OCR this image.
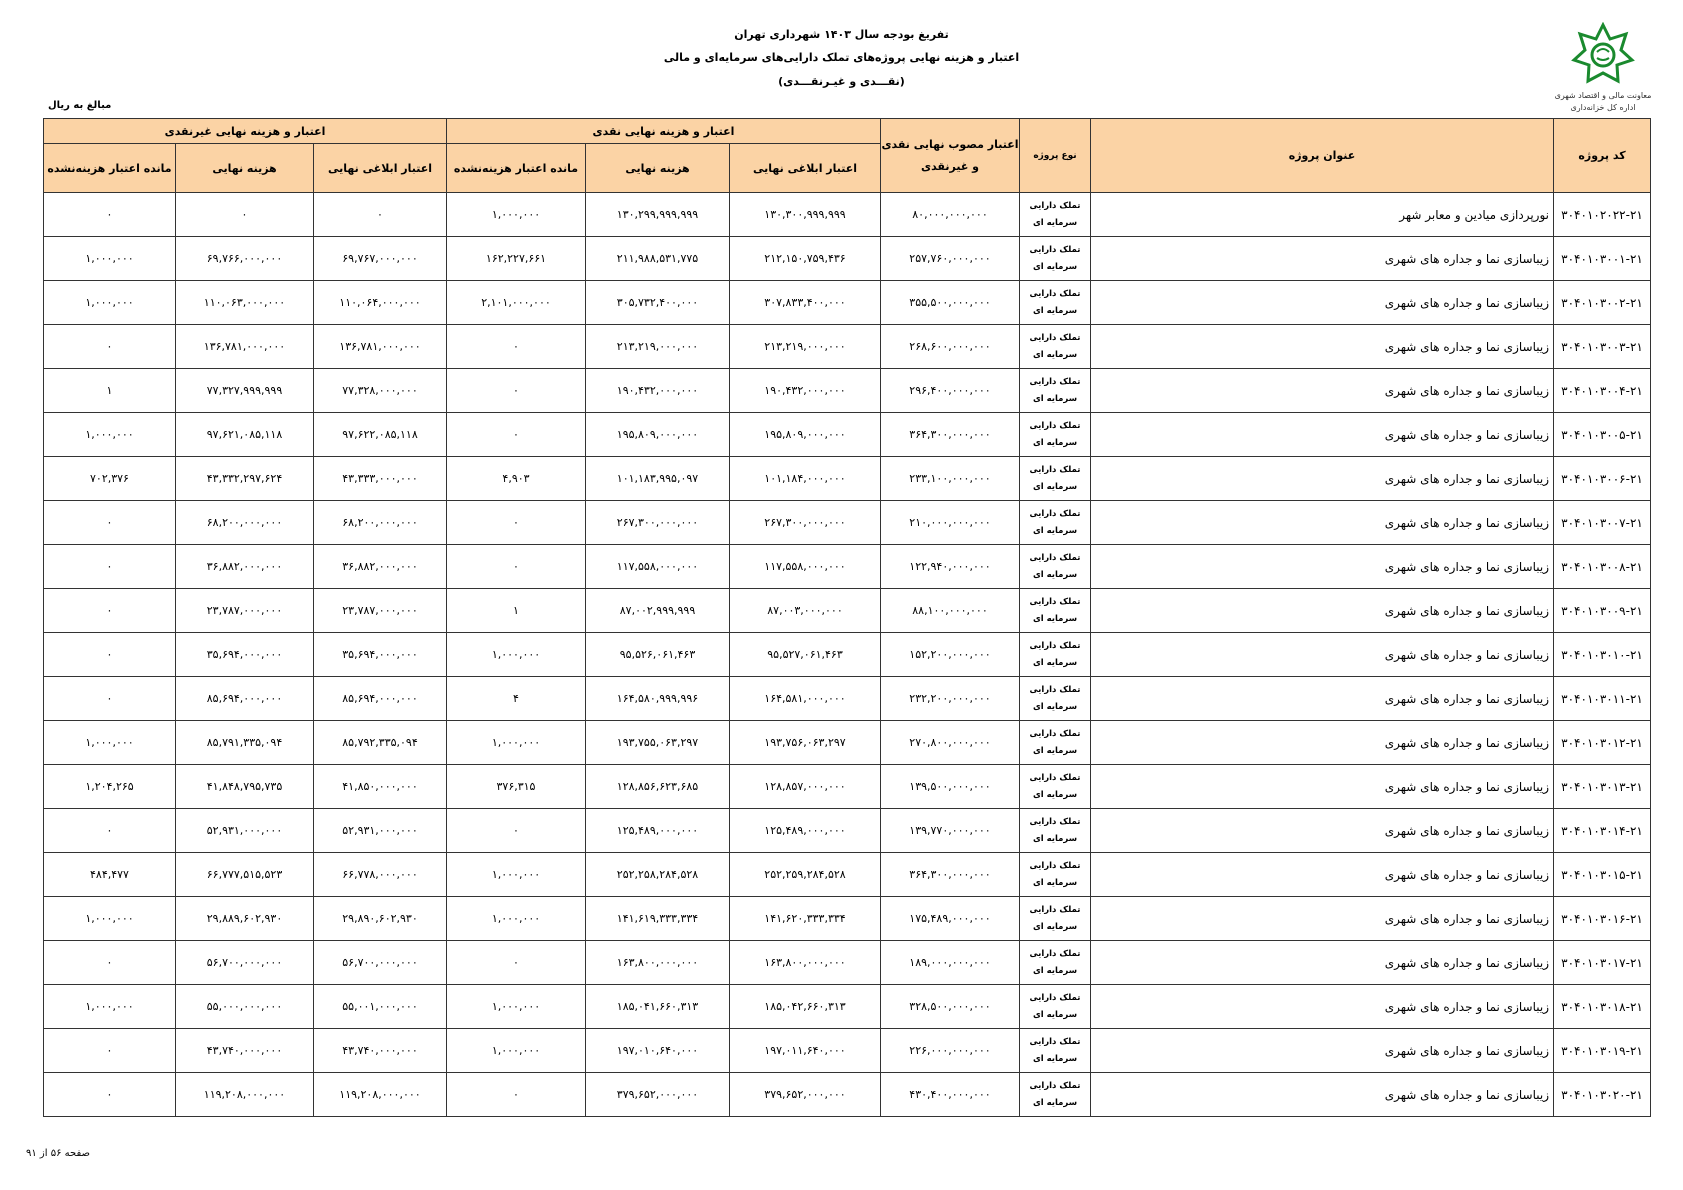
معاونت مالی و اقتصاد شهری
اداره کل خزانه‌داری
تفریغ بودجه سال ۱۴۰۳ شهرداری تهران
اعتبار و هزینه نهایی پروژه‌های تملک دارایی‌های سرمایه‌ای و مالی
(نقـــدی و غیـرنقـــدی)
مبالغ به ریال
کد پروژه	عنوان پروژه	نوع پروژه	اعتبار مصوب نهایی نقدی و غیرنقدی	اعتبار و هزینه نهایی نقدی			اعتبار و هزینه نهایی غیرنقدی		
				اعتبار ابلاغی نهایی	هزینه نهایی	مانده اعتبار هزینه‌نشده	اعتبار ابلاغی نهایی	هزینه نهایی	مانده اعتبار هزینه‌نشده
۳۰۴۰۱۰۲۰۲۲-۲۱	نورپردازی میادین و معابر شهر	تملک دارایی
سرمایه ای	۸۰,۰۰۰,۰۰۰,۰۰۰	۱۳۰,۳۰۰,۹۹۹,۹۹۹	۱۳۰,۲۹۹,۹۹۹,۹۹۹	۱,۰۰۰,۰۰۰	۰	۰	۰
۳۰۴۰۱۰۳۰۰۱-۲۱	زیباسازی نما و جداره های شهری	تملک دارایی
سرمایه ای	۲۵۷,۷۶۰,۰۰۰,۰۰۰	۲۱۲,۱۵۰,۷۵۹,۴۳۶	۲۱۱,۹۸۸,۵۳۱,۷۷۵	۱۶۲,۲۲۷,۶۶۱	۶۹,۷۶۷,۰۰۰,۰۰۰	۶۹,۷۶۶,۰۰۰,۰۰۰	۱,۰۰۰,۰۰۰
۳۰۴۰۱۰۳۰۰۲-۲۱	زیباسازی نما و جداره های شهری	تملک دارایی
سرمایه ای	۳۵۵,۵۰۰,۰۰۰,۰۰۰	۳۰۷,۸۳۳,۴۰۰,۰۰۰	۳۰۵,۷۳۲,۴۰۰,۰۰۰	۲,۱۰۱,۰۰۰,۰۰۰	۱۱۰,۰۶۴,۰۰۰,۰۰۰	۱۱۰,۰۶۳,۰۰۰,۰۰۰	۱,۰۰۰,۰۰۰
۳۰۴۰۱۰۳۰۰۳-۲۱	زیباسازی نما و جداره های شهری	تملک دارایی
سرمایه ای	۲۶۸,۶۰۰,۰۰۰,۰۰۰	۲۱۳,۲۱۹,۰۰۰,۰۰۰	۲۱۳,۲۱۹,۰۰۰,۰۰۰	۰	۱۳۶,۷۸۱,۰۰۰,۰۰۰	۱۳۶,۷۸۱,۰۰۰,۰۰۰	۰
۳۰۴۰۱۰۳۰۰۴-۲۱	زیباسازی نما و جداره های شهری	تملک دارایی
سرمایه ای	۲۹۶,۴۰۰,۰۰۰,۰۰۰	۱۹۰,۴۳۲,۰۰۰,۰۰۰	۱۹۰,۴۳۲,۰۰۰,۰۰۰	۰	۷۷,۳۲۸,۰۰۰,۰۰۰	۷۷,۳۲۷,۹۹۹,۹۹۹	۱
۳۰۴۰۱۰۳۰۰۵-۲۱	زیباسازی نما و جداره های شهری	تملک دارایی
سرمایه ای	۳۶۴,۳۰۰,۰۰۰,۰۰۰	۱۹۵,۸۰۹,۰۰۰,۰۰۰	۱۹۵,۸۰۹,۰۰۰,۰۰۰	۰	۹۷,۶۲۲,۰۸۵,۱۱۸	۹۷,۶۲۱,۰۸۵,۱۱۸	۱,۰۰۰,۰۰۰
۳۰۴۰۱۰۳۰۰۶-۲۱	زیباسازی نما و جداره های شهری	تملک دارایی
سرمایه ای	۲۳۳,۱۰۰,۰۰۰,۰۰۰	۱۰۱,۱۸۴,۰۰۰,۰۰۰	۱۰۱,۱۸۳,۹۹۵,۰۹۷	۴,۹۰۳	۴۳,۳۳۳,۰۰۰,۰۰۰	۴۳,۳۳۲,۲۹۷,۶۲۴	۷۰۲,۳۷۶
۳۰۴۰۱۰۳۰۰۷-۲۱	زیباسازی نما و جداره های شهری	تملک دارایی
سرمایه ای	۲۱۰,۰۰۰,۰۰۰,۰۰۰	۲۶۷,۳۰۰,۰۰۰,۰۰۰	۲۶۷,۳۰۰,۰۰۰,۰۰۰	۰	۶۸,۲۰۰,۰۰۰,۰۰۰	۶۸,۲۰۰,۰۰۰,۰۰۰	۰
۳۰۴۰۱۰۳۰۰۸-۲۱	زیباسازی نما و جداره های شهری	تملک دارایی
سرمایه ای	۱۲۲,۹۴۰,۰۰۰,۰۰۰	۱۱۷,۵۵۸,۰۰۰,۰۰۰	۱۱۷,۵۵۸,۰۰۰,۰۰۰	۰	۳۶,۸۸۲,۰۰۰,۰۰۰	۳۶,۸۸۲,۰۰۰,۰۰۰	۰
۳۰۴۰۱۰۳۰۰۹-۲۱	زیباسازی نما و جداره های شهری	تملک دارایی
سرمایه ای	۸۸,۱۰۰,۰۰۰,۰۰۰	۸۷,۰۰۳,۰۰۰,۰۰۰	۸۷,۰۰۲,۹۹۹,۹۹۹	۱	۲۳,۷۸۷,۰۰۰,۰۰۰	۲۳,۷۸۷,۰۰۰,۰۰۰	۰
۳۰۴۰۱۰۳۰۱۰-۲۱	زیباسازی نما و جداره های شهری	تملک دارایی
سرمایه ای	۱۵۲,۲۰۰,۰۰۰,۰۰۰	۹۵,۵۲۷,۰۶۱,۴۶۳	۹۵,۵۲۶,۰۶۱,۴۶۳	۱,۰۰۰,۰۰۰	۳۵,۶۹۴,۰۰۰,۰۰۰	۳۵,۶۹۴,۰۰۰,۰۰۰	۰
۳۰۴۰۱۰۳۰۱۱-۲۱	زیباسازی نما و جداره های شهری	تملک دارایی
سرمایه ای	۲۳۲,۲۰۰,۰۰۰,۰۰۰	۱۶۴,۵۸۱,۰۰۰,۰۰۰	۱۶۴,۵۸۰,۹۹۹,۹۹۶	۴	۸۵,۶۹۴,۰۰۰,۰۰۰	۸۵,۶۹۴,۰۰۰,۰۰۰	۰
۳۰۴۰۱۰۳۰۱۲-۲۱	زیباسازی نما و جداره های شهری	تملک دارایی
سرمایه ای	۲۷۰,۸۰۰,۰۰۰,۰۰۰	۱۹۳,۷۵۶,۰۶۳,۲۹۷	۱۹۳,۷۵۵,۰۶۳,۲۹۷	۱,۰۰۰,۰۰۰	۸۵,۷۹۲,۳۳۵,۰۹۴	۸۵,۷۹۱,۳۳۵,۰۹۴	۱,۰۰۰,۰۰۰
۳۰۴۰۱۰۳۰۱۳-۲۱	زیباسازی نما و جداره های شهری	تملک دارایی
سرمایه ای	۱۳۹,۵۰۰,۰۰۰,۰۰۰	۱۲۸,۸۵۷,۰۰۰,۰۰۰	۱۲۸,۸۵۶,۶۲۳,۶۸۵	۳۷۶,۳۱۵	۴۱,۸۵۰,۰۰۰,۰۰۰	۴۱,۸۴۸,۷۹۵,۷۳۵	۱,۲۰۴,۲۶۵
۳۰۴۰۱۰۳۰۱۴-۲۱	زیباسازی نما و جداره های شهری	تملک دارایی
سرمایه ای	۱۳۹,۷۷۰,۰۰۰,۰۰۰	۱۲۵,۴۸۹,۰۰۰,۰۰۰	۱۲۵,۴۸۹,۰۰۰,۰۰۰	۰	۵۲,۹۳۱,۰۰۰,۰۰۰	۵۲,۹۳۱,۰۰۰,۰۰۰	۰
۳۰۴۰۱۰۳۰۱۵-۲۱	زیباسازی نما و جداره های شهری	تملک دارایی
سرمایه ای	۳۶۴,۳۰۰,۰۰۰,۰۰۰	۲۵۲,۲۵۹,۲۸۴,۵۲۸	۲۵۲,۲۵۸,۲۸۴,۵۲۸	۱,۰۰۰,۰۰۰	۶۶,۷۷۸,۰۰۰,۰۰۰	۶۶,۷۷۷,۵۱۵,۵۲۳	۴۸۴,۴۷۷
۳۰۴۰۱۰۳۰۱۶-۲۱	زیباسازی نما و جداره های شهری	تملک دارایی
سرمایه ای	۱۷۵,۴۸۹,۰۰۰,۰۰۰	۱۴۱,۶۲۰,۳۳۳,۳۳۴	۱۴۱,۶۱۹,۳۳۳,۳۳۴	۱,۰۰۰,۰۰۰	۲۹,۸۹۰,۶۰۲,۹۳۰	۲۹,۸۸۹,۶۰۲,۹۳۰	۱,۰۰۰,۰۰۰
۳۰۴۰۱۰۳۰۱۷-۲۱	زیباسازی نما و جداره های شهری	تملک دارایی
سرمایه ای	۱۸۹,۰۰۰,۰۰۰,۰۰۰	۱۶۳,۸۰۰,۰۰۰,۰۰۰	۱۶۳,۸۰۰,۰۰۰,۰۰۰	۰	۵۶,۷۰۰,۰۰۰,۰۰۰	۵۶,۷۰۰,۰۰۰,۰۰۰	۰
۳۰۴۰۱۰۳۰۱۸-۲۱	زیباسازی نما و جداره های شهری	تملک دارایی
سرمایه ای	۳۲۸,۵۰۰,۰۰۰,۰۰۰	۱۸۵,۰۴۲,۶۶۰,۳۱۳	۱۸۵,۰۴۱,۶۶۰,۳۱۳	۱,۰۰۰,۰۰۰	۵۵,۰۰۱,۰۰۰,۰۰۰	۵۵,۰۰۰,۰۰۰,۰۰۰	۱,۰۰۰,۰۰۰
۳۰۴۰۱۰۳۰۱۹-۲۱	زیباسازی نما و جداره های شهری	تملک دارایی
سرمایه ای	۲۲۶,۰۰۰,۰۰۰,۰۰۰	۱۹۷,۰۱۱,۶۴۰,۰۰۰	۱۹۷,۰۱۰,۶۴۰,۰۰۰	۱,۰۰۰,۰۰۰	۴۳,۷۴۰,۰۰۰,۰۰۰	۴۳,۷۴۰,۰۰۰,۰۰۰	۰
۳۰۴۰۱۰۳۰۲۰-۲۱	زیباسازی نما و جداره های شهری	تملک دارایی
سرمایه ای	۴۳۰,۴۰۰,۰۰۰,۰۰۰	۳۷۹,۶۵۲,۰۰۰,۰۰۰	۳۷۹,۶۵۲,۰۰۰,۰۰۰	۰	۱۱۹,۲۰۸,۰۰۰,۰۰۰	۱۱۹,۲۰۸,۰۰۰,۰۰۰	۰
صفحه ۵۶ از ۹۱
